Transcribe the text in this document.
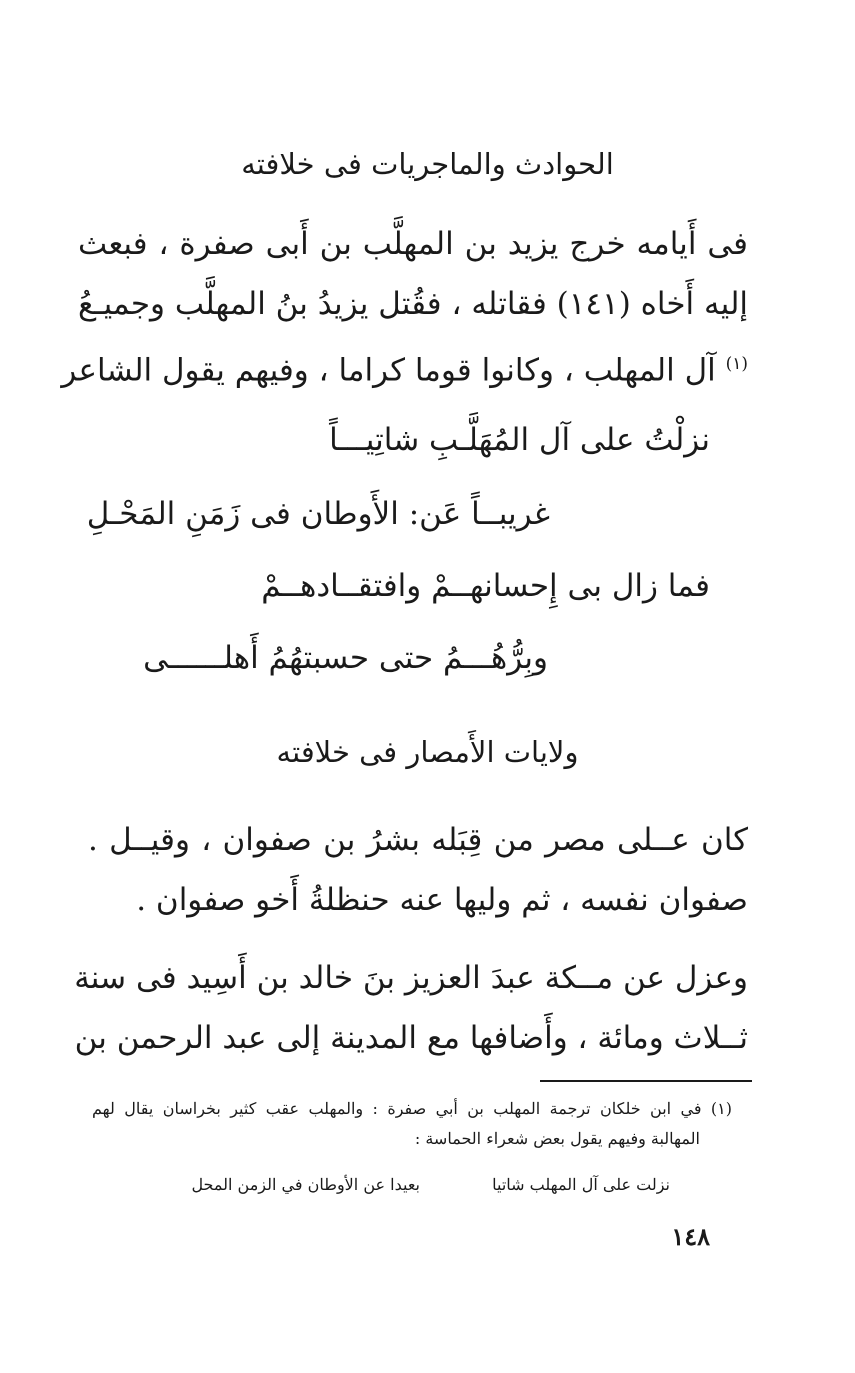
الحوادث والماجريات فى خلافته
فى أَيامه خرج يزيد بن المهلَّب بن أَبى صفرة ، فبعث
إليه أَخاه (١٤١) فقاتله ، فقُتل يزيدُ بنُ المهلَّب وجميـعُ
$^{(١)}$ آل المهلب ، وكانوا قوما كراما ، وفيهم يقول الشاعر
نزلْتُ على آل المُهَلَّـبِ شاتِيـــاً
غريبــاً عَن: الأَوطان فى زَمَنِ المَحْـلِ
فما زال بى إِحسانهــمْ وافتقــادهــمْ
وبِرُّهُـــمُ حتى حسبتهُمُ أَهلــــــى
ولايات الأَمصار فى خلافته
كان عــلى مصر من قِبَله بشرُ بن صفوان ، وقيــل .
صفوان نفسه ، ثم وليها عنه حنظلةُ أَخو صفوان .
وعزل عن مــكة عبدَ العزيز بنَ خالد بن أَسِيد فى سنة
ثــلاث ومائة ، وأَضافها مع المدينة إلى عبد الرحمن بن
(١) في ابن خلكان ترجمة المهلب بن أبي صفرة : والمهلب عقب كثير بخراسان يقال لهم
المهالبة وفيهم يقول بعض شعراء الحماسة :
نزلت على آل المهلب شاتيا
بعيدا عن الأوطان في الزمن المحل
١٤٨
